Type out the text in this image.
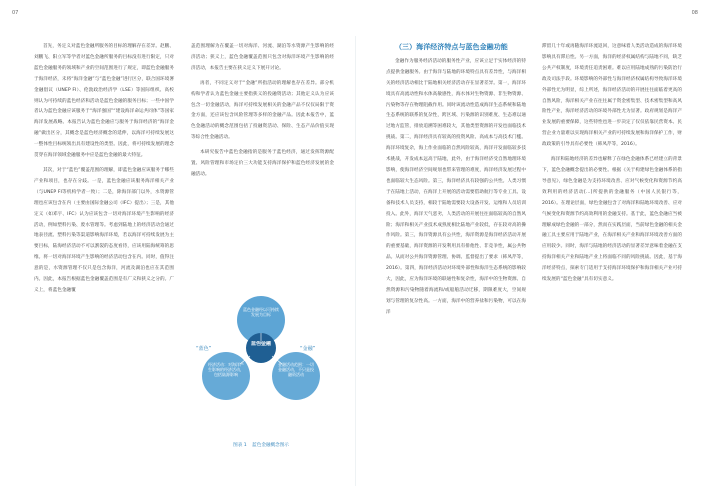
07	08

首先，务定义对蓝色金融所服务的目标的理解存在差异。赵鹏、刘鹏飞、阳立军等学者对蓝色金融所服务的目标没有进行限定，只对蓝色金融服务的领域和产业的空间范围进行了规定，即蓝色金融服务于海洋经济，未将“海洋金融”与“蓝色金融”进行区分，联合国环境署金融倡议（UNEP FI）、伦敦政治经济学（LSE）等国际组织、高校则认为可持续的蓝色经济和活动是蓝色金融的服务目标；一些中国学者认为蓝色金融应该服务于“海洋强国”“建设海洋命运共同体”等国家海洋发展战略。本报告认为蓝色金融应与服务于海洋经济的“海洋金融”做出区分，其概念是蓝色经济概念的延伸，以海洋可持续发展这一整体性目标统领出具有建设性的类型。因此，将可持续发展的理念贯穿在海洋领域金融服务中应是蓝色金融的最大特征。

其次，对于“蓝色”覆盖范围的理解，即蓝色金融应该服务于哪些产业和项目，也存在分歧。一是，蓝色金融应该服务海洋相关产业（与UNEP FI等机构学者一致）；二是，除海洋部门以外，水资源管理也应该包含在内（主要由国际金融公司（IFC）提出）；三是，其他定义（如邓宇、IFC）认为应该包含一切对海洋环境产生影响的经济活动，例如塑料污染、废水管理等。考虑到陆地上的经济活动会通过地表径流、塑料污染等渠道影响海洋环境，若以海洋可持续发展为主要目标，陆海经济活动不可以割裂的态度看待，应该用陆海统筹的思维。将一切对海洋环境产生影响的经济活动包含在内。同时，值得注意的是，水资源管理不仅只是包含海洋，河流及湖泊也应在其范围内。因此，本报告根据蓝色金融覆盖范围是有广义和狭义之分的。广义上，将蓝色金融覆

盖范围理解为在覆盖一切对海洋、河流、湖泊等水资源产生影响的经济活动；狭义上，蓝色金融覆盖范围只包含对海洋环境产生影响的经济活动，本报告主要在狭义定义下展开讨论。

再者，不同定义对于“金融”所指活动的理解也存在差异。部分机构和学者认为蓝色金融主要指狭义的投融资活动；其他定义认为应该包含一切金融活动，海洋可持续发展相关的金融产品不仅仅局限于资金方面，还应该包含风险管理等多样的金融产品。因此本报告中，蓝色金融活动的概念范围包括了投融资活动、保险、生态产品价值实现等综合性金融活动。

本研究报告中蓝色金融指的是服务于蓝色经济，通过发挥资源配置、风险管理和市场定价三大功能支持海洋保护和蓝色经济发展的金融活动。

蓝色金融经以可持续发展为目标
经济活动：对海洋产生影响的经济活动，包括陆源影响
金融活动范围：一切金融活动，不只是投融资活动
蓝色金融
“蓝色”	“金融”
图表 1 蓝色金融概念图示

（三）海洋经济特点与蓝色金融功能

金融作为服务经济活动的服务性产业，应该立足于实体经济的特点提供金融服务。由于海洋与陆地的环境特点具有差异性，与海洋相关的经济活动相比于陆地相关经济活动存在显著差异。第一，海洋环境具有高流动性和水体高敏感性，海水体对生物资源、非生物资源、污染物等存在物理阻截作用。同时该流动性造成海洋生态系统和陆地生态系统的联系的复杂性，跨区域、污染源的识别难度、生态难以通过地方监管，排放追溯等困难较大，其他类型资源的开发也面临技术挑战。第二，海洋经济具有较高的投资风险、高成本与高技术门槛。海洋环境复杂，海上作业面临的自然风险较高，海洋开发面临较多技术挑战，开发成本远高于陆地，此外，由于海洋经济受自然地理环境影响，使海洋经济空间规划也带来管理的难度，海洋经济发展过程中也面临较大生态风险。第三，海洋经济具有较强的公共性。人类习惯于在陆地上活动，在海洋上开展的活动需要借助航行等专业工具、设备和技术人员支持，相较于陆地需要较大设备开发、运维和人员培训投入。此外，海洋天气恶劣，人类活动的开展往往面临较高的自然风险；海洋和相关产业技术成熟度相比陆地产业较低，存在较对高的操作风险。第三，海洋资源具有公共性，海洋资源是海洋经济活动开展的重要基础，海洋资源的开发利用具有排他性、非竞争性，属公共物品。从而对公共海洋资源管理、协调、监督提出了要求（韩凤芹等，2016）。第四，海洋经济活动对环境外部性和海洋生态系统的影响较大，因此，应为海洋环境的联通性和复杂性，海洋中的生物资源、自然资源和污染物随着海流和/或船舶活动迁移，期限难度大，空间规划与管理的复杂性高。一方面，海洋中的营养盐和污染物，可以在海洋

滞留几十年或再随海洋环流返回，这意味着人类活动造成的海洋环境影响具有滞后性。另一方面，海洋的经济权属结构与陆地不同，缺乏公共产权制度，环境责任追责困难。难以应用陆地成熟的污染防治行政及司法手段。环境影响的外部性与海洋经济权属结构导致海洋环境外部性尤为明显，综上所述，海洋经济活动的开展往往面临着更高的自然风险，海洋相关产业在往往属于资金密集型、技术密集型和高风险性产业，海洋经济活动的环境外部性尤为显著。政府规划是海洋产业发展的重要保障，这些特性也进一步决定了仅仅依靠民营资本、民营企业力量难以实现海洋相关产业的可持续发展和海洋保护工作，财政政策的引导具有必要性（韩凤芹等，2016）。

海洋和陆地经济的差异也解释了在绿色金融体系已经建立的背景下，蓝色金融概念提出的必要性。根据《关于构建绿色金融体系的指导意见》，绿色金融是为支持环境改善、应对气候变化和资源节约高效利用的经济活动[...]所提供的金融服务（中国人民银行等，2016）。在理论层面，绿色金融包含了对海洋和陆地环境改善、应对气候变化和资源节约高效利用的金融支持。基于此，蓝色金融应当被理解成绿色金融的一部分，然而在实践层面，当前绿色金融的相关金融工具主要应用于陆地产业，在海洋相关产业和海洋环境改善方面的应用较少。同时，海洋与陆地的经济活动的显著差异意味着金融在支持海洋相关产业和陆地产业上将面临不同的风险挑战。因此，基于海洋经济特点，探索专门适用于支持海洋环境保护和海洋相关产业可持续发展的“蓝色金融”具有切实意义。
